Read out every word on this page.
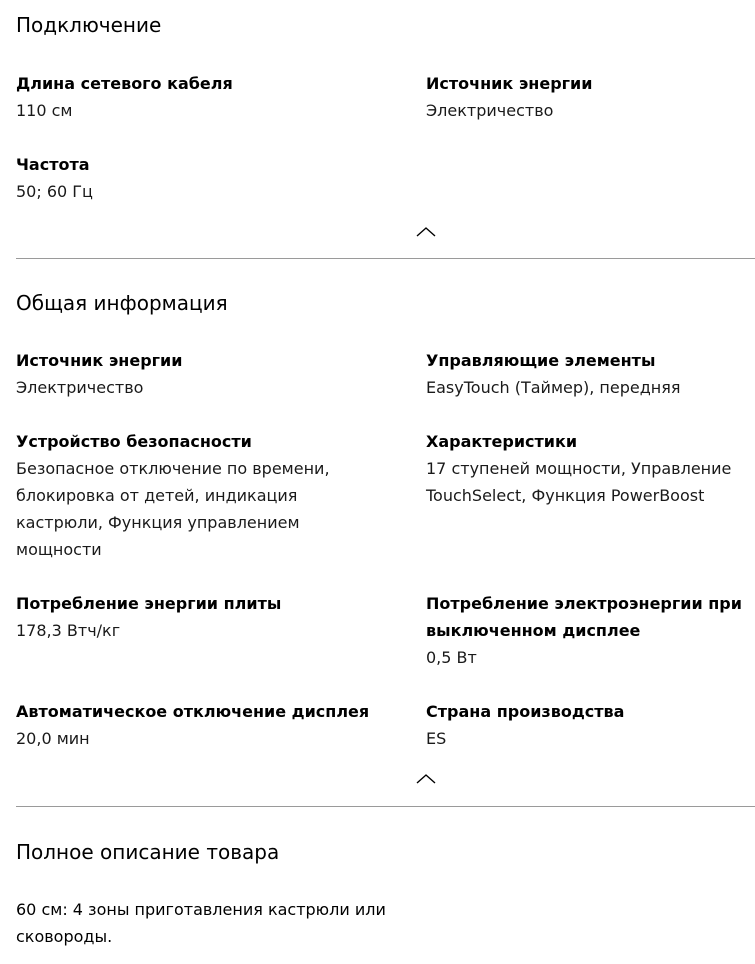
Подключение
Длина сетевого кабеля
110 см
Источник энергии
Электричество
Частота
50; 60 Гц
Общая информация
Источник энергии
Электричество
Управляющие элементы
EasyTouch (Таймер), передняя
Устройство безопасности
Безопасное отключение по времени, блокировка от детей, индикация кастрюли, Функция управлением мощности
Характеристики
17 ступеней мощности, Управление TouchSelect, Функция PowerBoost
Потребление энергии плиты
178,3 Втч/кг
Потребление электроэнергии при выключенном дисплее
0,5 Вт
Автоматическое отключение дисплея
20,0 мин
Страна производства
ES
Полное описание товара
60 см: 4 зоны приготавления кастрюли или сковороды.
